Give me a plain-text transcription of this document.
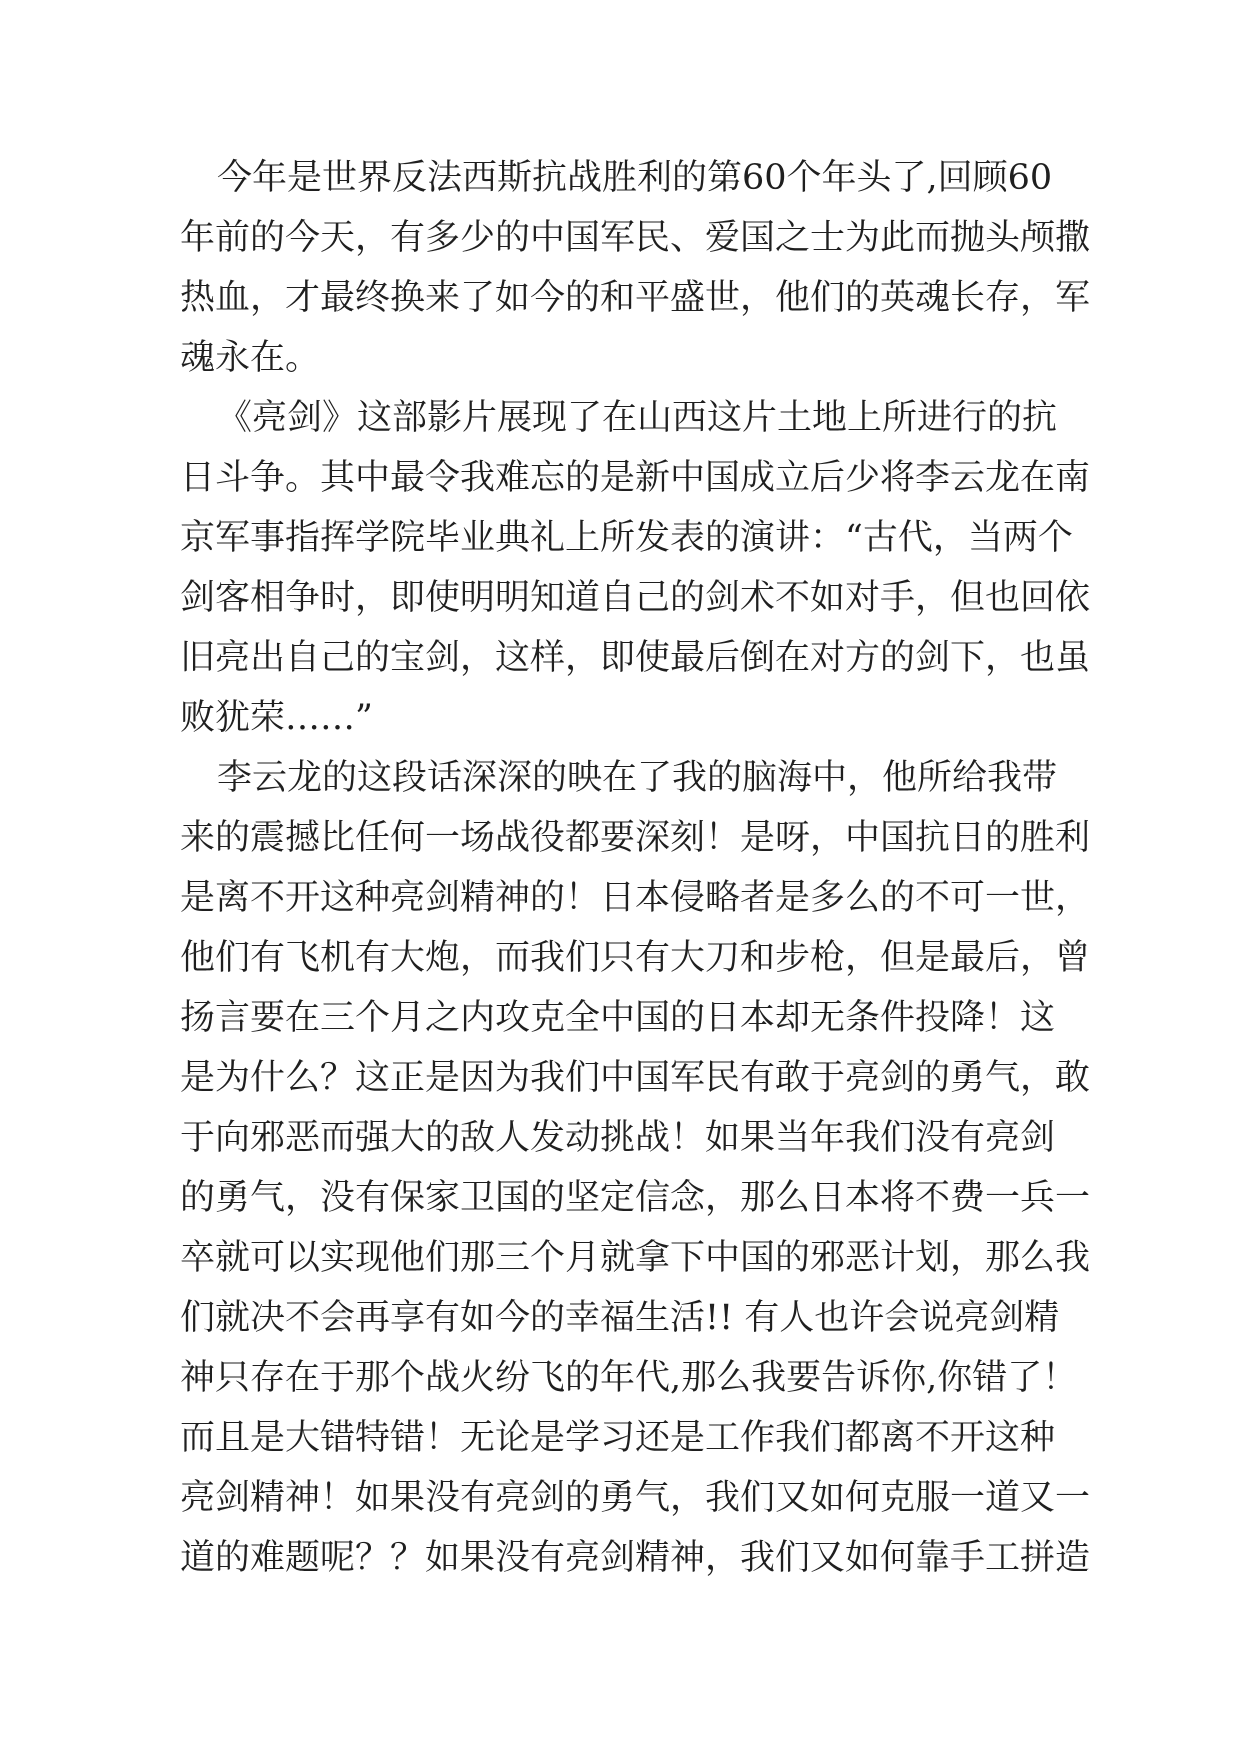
今年是世界反法西斯抗战胜利的第60个年头了,回顾60
年前的今天，有多少的中国军民、爱国之士为此而抛头颅撒
热血，才最终换来了如今的和平盛世，他们的英魂长存，军
魂永在。
《亮剑》这部影片展现了在山西这片土地上所进行的抗
日斗争。其中最令我难忘的是新中国成立后少将李云龙在南
京军事指挥学院毕业典礼上所发表的演讲：“古代，当两个
剑客相争时，即使明明知道自己的剑术不如对手，但也回依
旧亮出自己的宝剑，这样，即使最后倒在对方的剑下，也虽
败犹荣……”
李云龙的这段话深深的映在了我的脑海中，他所给我带
来的震撼比任何一场战役都要深刻！是呀，中国抗日的胜利
是离不开这种亮剑精神的！日本侵略者是多么的不可一世，
他们有飞机有大炮，而我们只有大刀和步枪，但是最后，曾
扬言要在三个月之内攻克全中国的日本却无条件投降！这
是为什么？这正是因为我们中国军民有敢于亮剑的勇气，敢
于向邪恶而强大的敌人发动挑战！如果当年我们没有亮剑
的勇气，没有保家卫国的坚定信念，那么日本将不费一兵一
卒就可以实现他们那三个月就拿下中国的邪恶计划，那么我
们就决不会再享有如今的幸福生活!! 有人也许会说亮剑精
神只存在于那个战火纷飞的年代,那么我要告诉你,你错了！
而且是大错特错！无论是学习还是工作我们都离不开这种
亮剑精神！如果没有亮剑的勇气，我们又如何克服一道又一
道的难题呢？？如果没有亮剑精神，我们又如何靠手工拼造
